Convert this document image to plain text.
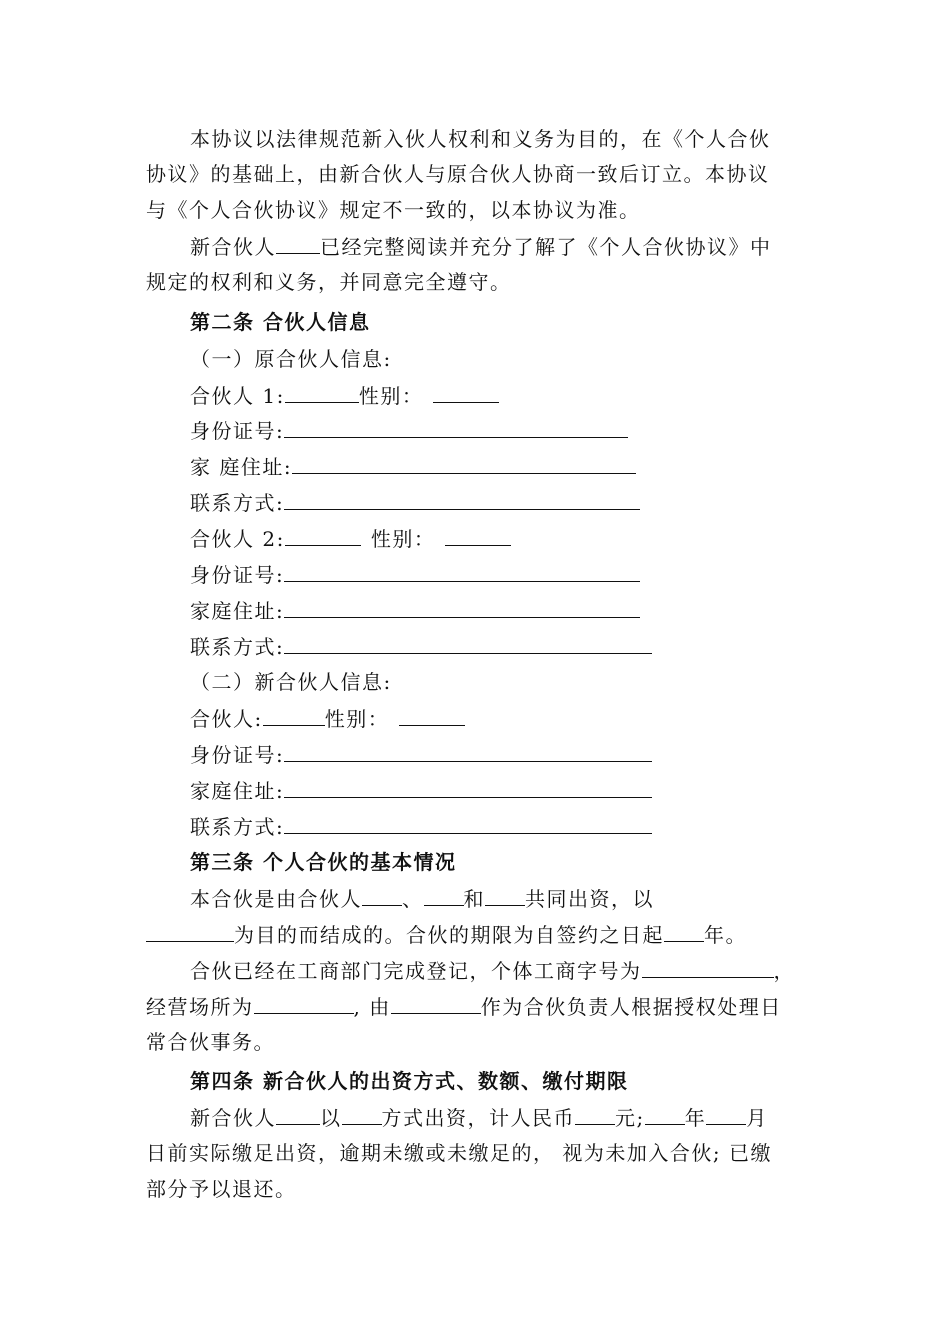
本协议以法律规范新入伙人权利和义务为目的，在《个人合伙
协议》的基础上，由新合伙人与原合伙人协商一致后订立。本协议
与《个人合伙协议》规定不一致的，以本协议为准。
新合伙人 已经完整阅读并充分了解了《个人合伙协议》中
规定的权利和义务，并同意完全遵守。
第二条 合伙人信息
（一）原合伙人信息:
合伙人 1:	性别：
身份证号:
家 庭住址:
联系方式:
合伙人 2:	性别：
身份证号:
家庭住址:
联系方式:
（二）新合伙人信息:
合伙人:	性别：
身份证号:
家庭住址:
联系方式:
第三条 个人合伙的基本情况
本合伙是由合伙人 、 和 共同出资，以
为目的而结成的。合伙的期限为自签约之日起 年。
合伙已经在工商部门完成登记，个体工商字号为	，
经营场所为	, 由	作为合伙负责人根据授权处理日
常合伙事务。
第四条 新合伙人的出资方式、数额、缴付期限
新合伙人 以 方式出资，计人民币 元; 年 月
日前实际缴足出资，逾期未缴或未缴足的， 视为未加入合伙; 已缴
部分予以退还。
